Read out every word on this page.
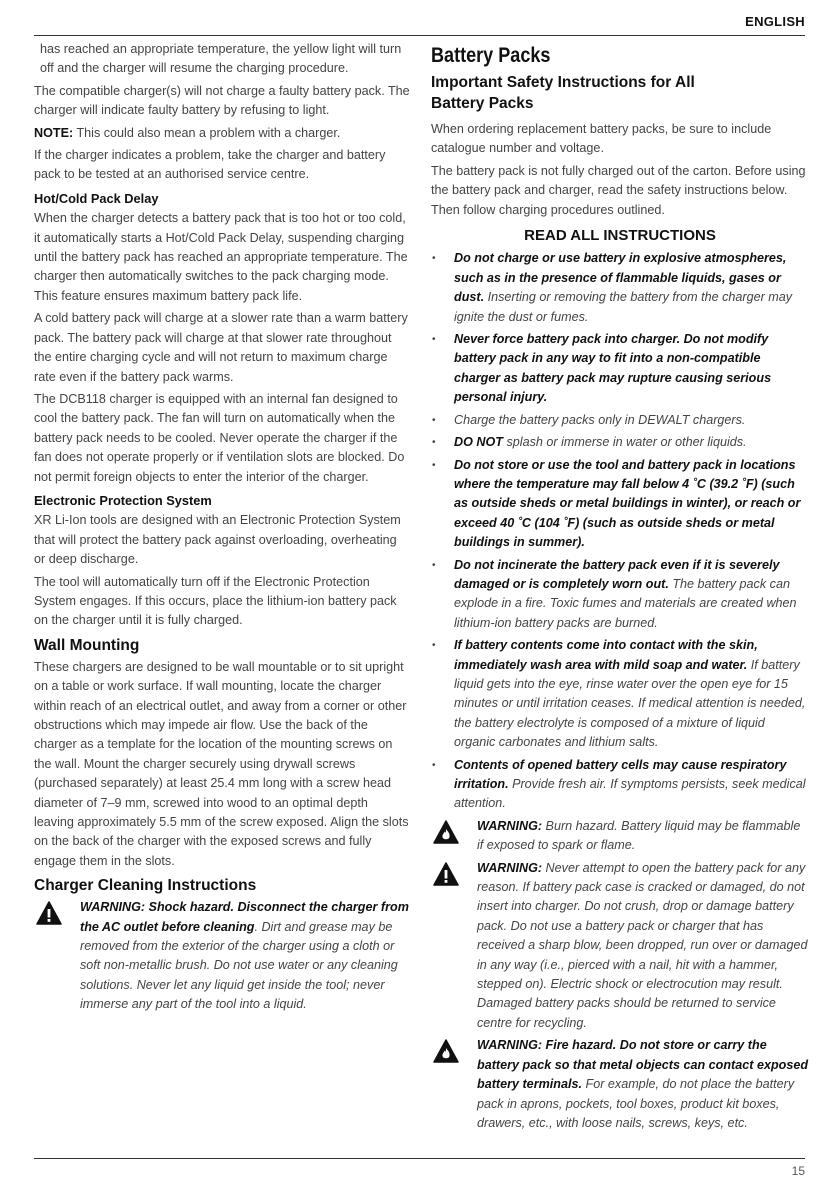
ENGLISH

has reached an appropriate temperature, the yellow light will turn off and the charger will resume the charging procedure.

The compatible charger(s) will not charge a faulty battery pack. The charger will indicate faulty battery by refusing to light.

NOTE: This could also mean a problem with a charger.

If the charger indicates a problem, take the charger and battery pack to be tested at an authorised service centre.

Hot/Cold Pack Delay

When the charger detects a battery pack that is too hot or too cold, it automatically starts a Hot/Cold Pack Delay, suspending charging until the battery pack has reached an appropriate temperature. The charger then automatically switches to the pack charging mode. This feature ensures maximum battery pack life.

A cold battery pack will charge at a slower rate than a warm battery pack. The battery pack will charge at that slower rate throughout the entire charging cycle and will not return to maximum charge rate even if the battery pack warms.

The DCB118 charger is equipped with an internal fan designed to cool the battery pack. The fan will turn on automatically when the battery pack needs to be cooled. Never operate the charger if the fan does not operate properly or if ventilation slots are blocked. Do not permit foreign objects to enter the interior of the charger.

Electronic Protection System

XR Li-Ion tools are designed with an Electronic Protection System that will protect the battery pack against overloading, overheating or deep discharge.

The tool will automatically turn off if the Electronic Protection System engages. If this occurs, place the lithium-ion battery pack on the charger until it is fully charged.

Wall Mounting

These chargers are designed to be wall mountable or to sit upright on a table or work surface. If wall mounting, locate the charger within reach of an electrical outlet, and away from a corner or other obstructions which may impede air flow. Use the back of the charger as a template for the location of the mounting screws on the wall. Mount the charger securely using drywall screws (purchased separately) at least 25.4 mm long with a screw head diameter of 7–9 mm, screwed into wood to an optimal depth leaving approximately 5.5 mm of the screw exposed. Align the slots on the back of the charger with the exposed screws and fully engage them in the slots.

Charger Cleaning Instructions
WARNING: Shock hazard. Disconnect the charger from the AC outlet before cleaning. Dirt and grease may be removed from the exterior of the charger using a cloth or soft non-metallic brush. Do not use water or any cleaning solutions. Never let any liquid get inside the tool; never immerse any part of the tool into a liquid.
Battery Packs
Important Safety Instructions for All
Battery Packs

When ordering replacement battery packs, be sure to include catalogue number and voltage.

The battery pack is not fully charged out of the carton. Before using the battery pack and charger, read the safety instructions below. Then follow charging procedures outlined.

READ ALL INSTRUCTIONS
• Do not charge or use battery in explosive atmospheres, such as in the presence of flammable liquids, gases or dust. Inserting or removing the battery from the charger may ignite the dust or fumes.
• Never force battery pack into charger. Do not modify battery pack in any way to fit into a non-compatible charger as battery pack may rupture causing serious personal injury.
• Charge the battery packs only in DEWALT chargers.
• DO NOT splash or immerse in water or other liquids.
• Do not store or use the tool and battery pack in locations where the temperature may fall below 4 ˚C (39.2 ˚F) (such as outside sheds or metal buildings in winter), or reach or exceed 40 ˚C (104 ˚F) (such as outside sheds or metal buildings in summer).
• Do not incinerate the battery pack even if it is severely damaged or is completely worn out. The battery pack can explode in a fire. Toxic fumes and materials are created when lithium-ion battery packs are burned.
• If battery contents come into contact with the skin, immediately wash area with mild soap and water. If battery liquid gets into the eye, rinse water over the open eye for 15 minutes or until irritation ceases. If medical attention is needed, the battery electrolyte is composed of a mixture of liquid organic carbonates and lithium salts.
• Contents of opened battery cells may cause respiratory irritation. Provide fresh air. If symptoms persists, seek medical attention.
WARNING: Burn hazard. Battery liquid may be flammable if exposed to spark or flame.
WARNING: Never attempt to open the battery pack for any reason. If battery pack case is cracked or damaged, do not insert into charger. Do not crush, drop or damage battery pack. Do not use a battery pack or charger that has received a sharp blow, been dropped, run over or damaged in any way (i.e., pierced with a nail, hit with a hammer, stepped on). Electric shock or electrocution may result. Damaged battery packs should be returned to service centre for recycling.
WARNING: Fire hazard. Do not store or carry the battery pack so that metal objects can contact exposed battery terminals. For example, do not place the battery pack in aprons, pockets, tool boxes, product kit boxes, drawers, etc., with loose nails, screws, keys, etc.
15
